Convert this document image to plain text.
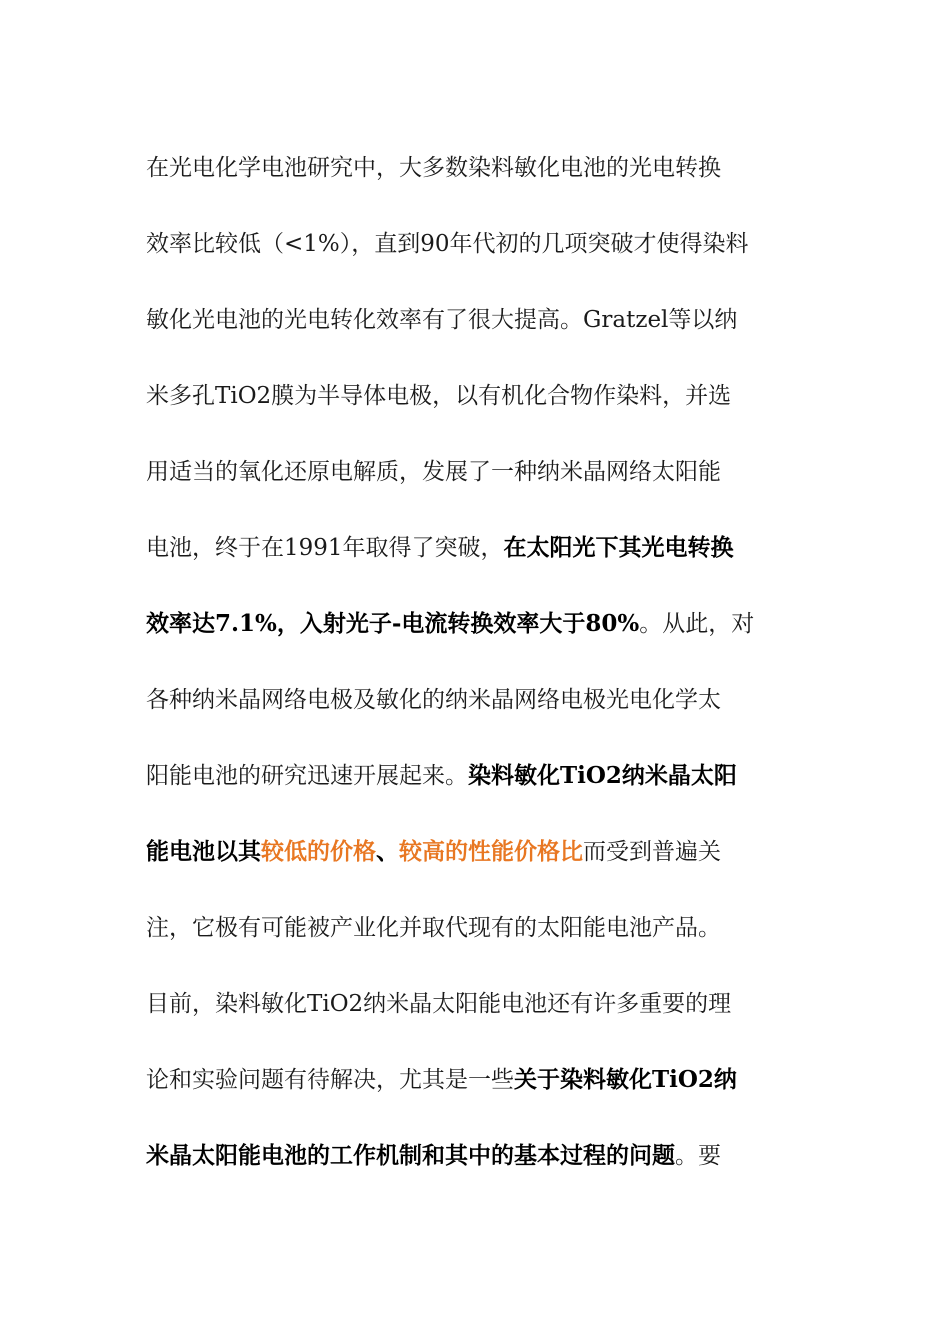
在光电化学电池研究中，大多数染料敏化电池的光电转换
效率比较低（<1%），直到90年代初的几项突破才使得染料
敏化光电池的光电转化效率有了很大提高。Gratzel等以纳
米多孔TiO2膜为半导体电极，以有机化合物作染料，并选
用适当的氧化还原电解质，发展了一种纳米晶网络太阳能
电池，终于在1991年取得了突破，在太阳光下其光电转换
效率达7.1%，入射光子-电流转换效率大于80%。从此，对
各种纳米晶网络电极及敏化的纳米晶网络电极光电化学太
阳能电池的研究迅速开展起来。染料敏化TiO2纳米晶太阳
能电池以其较低的价格、较高的性能价格比而受到普遍关
注，它极有可能被产业化并取代现有的太阳能电池产品。
目前，染料敏化TiO2纳米晶太阳能电池还有许多重要的理
论和实验问题有待解决，尤其是一些关于染料敏化TiO2纳
米晶太阳能电池的工作机制和其中的基本过程的问题。要
